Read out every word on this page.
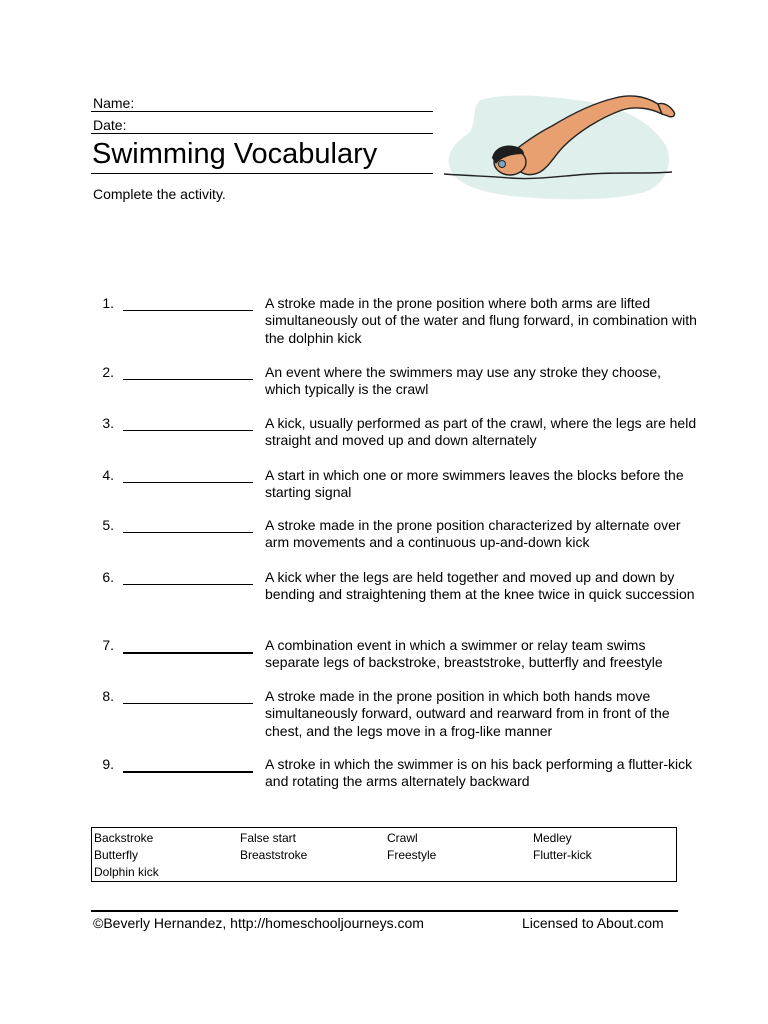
Name:
Date:
Swimming Vocabulary
Complete the activity.
1.	A stroke made in the prone position where both arms are lifted simultaneously out of the water and flung forward, in combination with the dolphin kick
2.	An event where the swimmers may use any stroke they choose, which typically is the crawl
3.	A kick, usually performed as part of the crawl, where the legs are held straight and moved up and down alternately
4.	A start in which one or more swimmers leaves the blocks before the starting signal
5.	A stroke made in the prone position characterized by alternate over arm movements and a continuous up-and-down kick
6.	A kick wher the legs are held together and moved up and down by bending and straightening them at the knee twice in quick succession
7.	A combination event in which a swimmer or relay team swims separate legs of backstroke, breaststroke, butterfly and freestyle
8.	A stroke made in the prone position in which both hands move simultaneously forward, outward and rearward from in front of the chest, and the legs move in a frog-like manner
9.	A stroke in which the swimmer is on his back performing a flutter-kick and rotating the arms alternately backward
Backstroke	False start	Crawl	Medley
Butterfly	Breaststroke	Freestyle	Flutter-kick
Dolphin kick
©Beverly Hernandez, http://homeschooljourneys.com	Licensed to About.com
